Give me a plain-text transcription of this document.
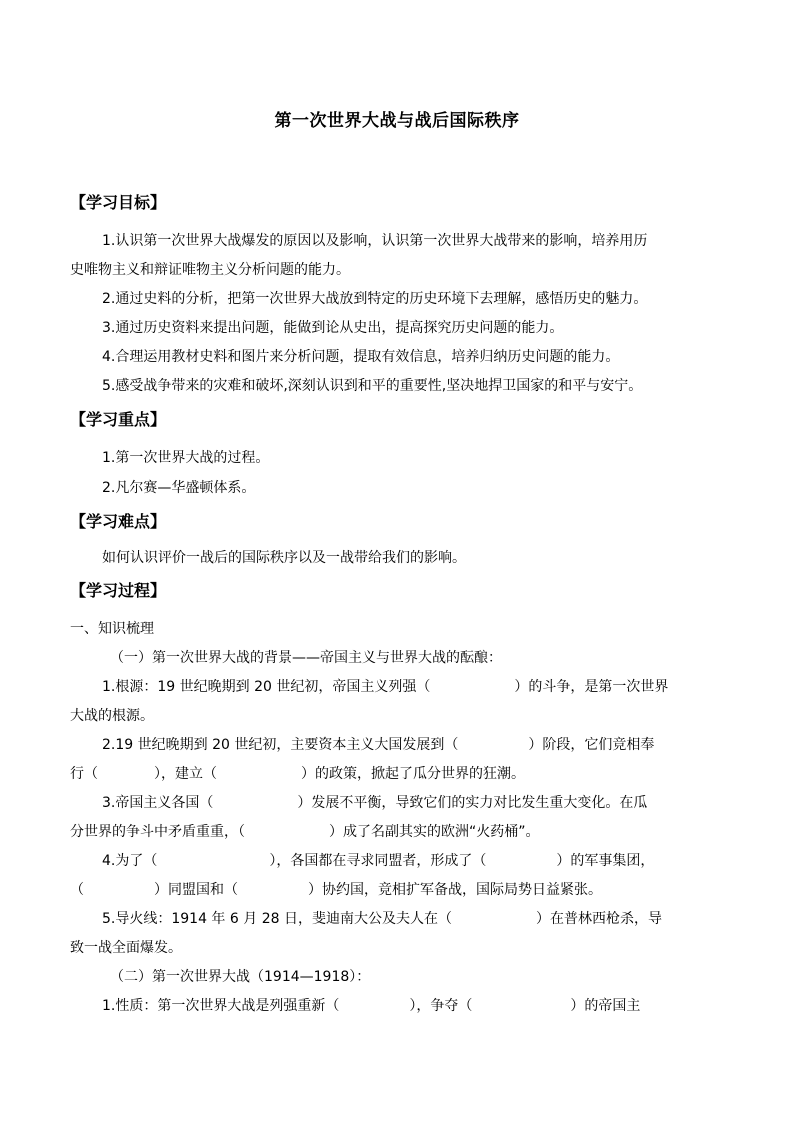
第一次世界大战与战后国际秩序
【学习目标】
1.认识第一次世界大战爆发的原因以及影响，认识第一次世界大战带来的影响，培养用历
史唯物主义和辩证唯物主义分析问题的能力。
2.通过史料的分析，把第一次世界大战放到特定的历史环境下去理解，感悟历史的魅力。
3.通过历史资料来提出问题，能做到论从史出，提高探究历史问题的能力。
4.合理运用教材史料和图片来分析问题，提取有效信息，培养归纳历史问题的能力。
5.感受战争带来的灾难和破坏,深刻认识到和平的重要性,坚决地捍卫国家的和平与安宁。
【学习重点】
1.第一次世界大战的过程。
2.凡尔赛—华盛顿体系。
【学习难点】
如何认识评价一战后的国际秩序以及一战带给我们的影响。
【学习过程】
一、知识梳理
（一）第一次世界大战的背景——帝国主义与世界大战的酝酿：
1.根源：19 世纪晚期到 20 世纪初，帝国主义列强（　　　　　　）的斗争，是第一次世界
大战的根源。
2.19 世纪晚期到 20 世纪初，主要资本主义大国发展到（　　　　　）阶段，它们竞相奉
行（　　　　），建立（　　　　　　）的政策，掀起了瓜分世界的狂潮。
3.帝国主义各国（　　　　　　）发展不平衡，导致它们的实力对比发生重大变化。在瓜
分世界的争斗中矛盾重重，（　　　　　　）成了名副其实的欧洲“火药桶”。
4.为了（　　　　　　　　），各国都在寻求同盟者，形成了（　　　　　）的军事集团，
（　　　　　）同盟国和（　　　　　）协约国，竞相扩军备战，国际局势日益紧张。
5.导火线：1914 年 6 月 28 日，斐迪南大公及夫人在（　　　　　　）在普林西枪杀，导
致一战全面爆发。
（二）第一次世界大战（1914—1918）：
1.性质：第一次世界大战是列强重新（　　　　　），争夺（　　　　　　　）的帝国主
